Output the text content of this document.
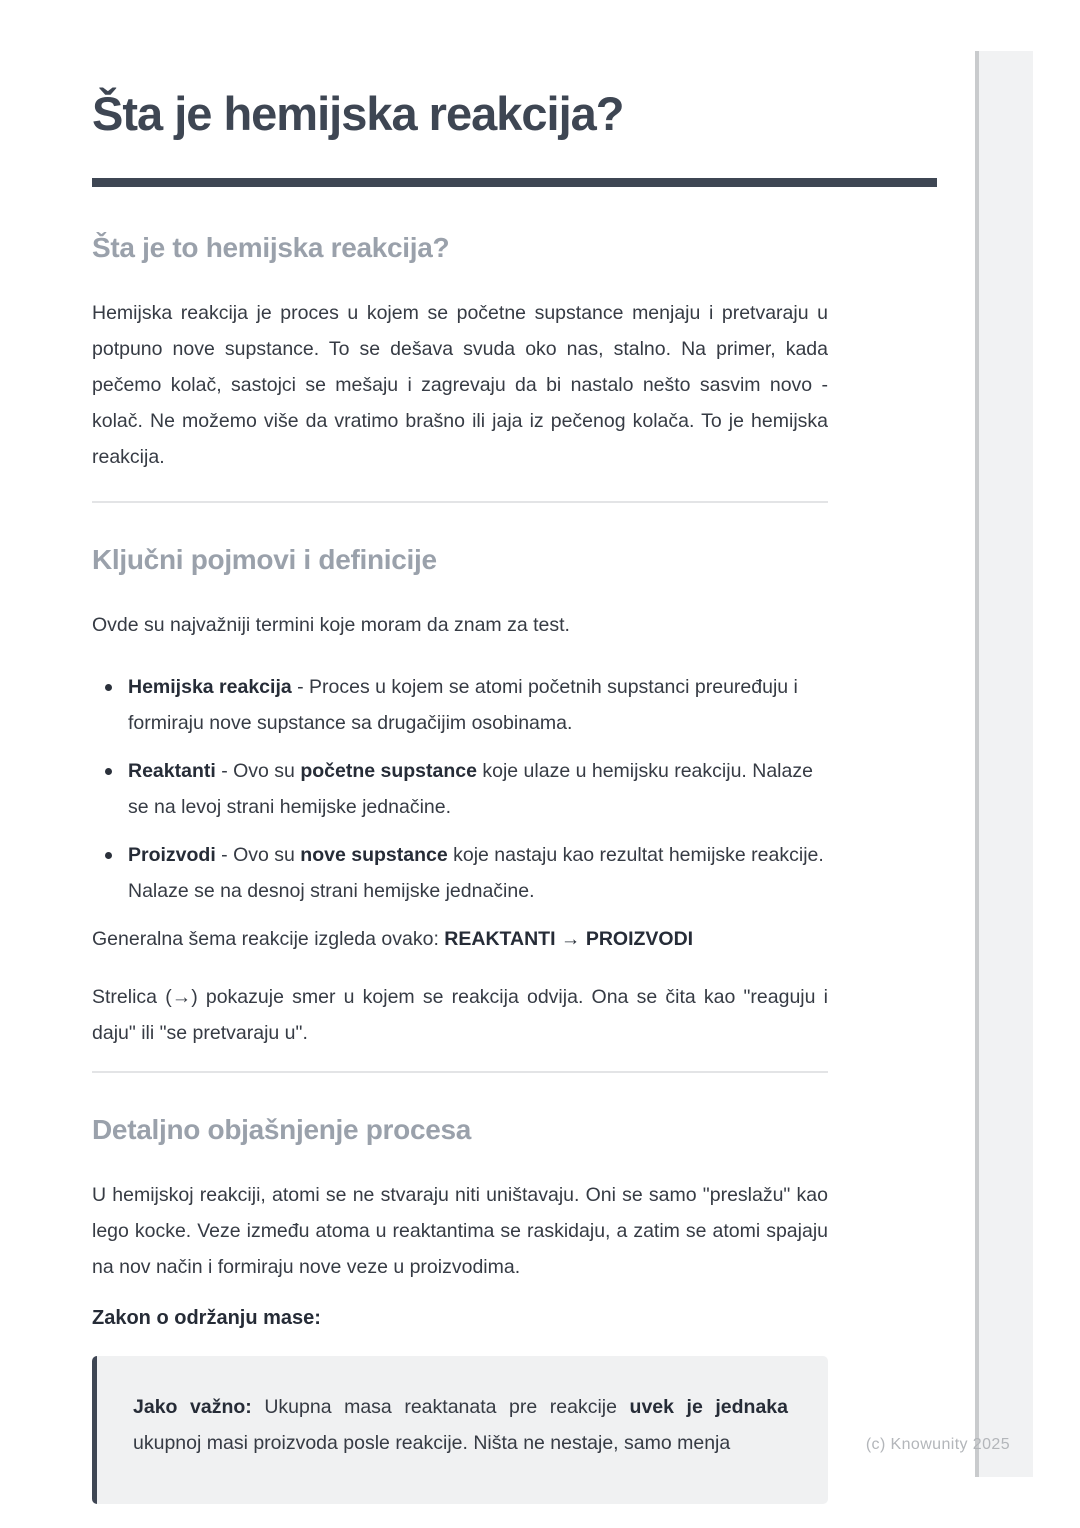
Šta je hemijska reakcija?
Šta je to hemijska reakcija?

Hemijska reakcija je proces u kojem se početne supstance menjaju i pretvaraju u potpuno nove supstance. To se dešava svuda oko nas, stalno. Na primer, kada pečemo kolač, sastojci se mešaju i zagrevaju da bi nastalo nešto sasvim novo - kolač. Ne možemo više da vratimo brašno ili jaja iz pečenog kolača. To je hemijska reakcija.

Ključni pojmovi i definicije

Ovde su najvažniji termini koje moram da znam za test.

Hemijska reakcija - Proces u kojem se atomi početnih supstanci preuređuju i formiraju nove supstance sa drugačijim osobinama.
Reaktanti - Ovo su početne supstance koje ulaze u hemijsku reakciju. Nalaze se na levoj strani hemijske jednačine.
Proizvodi - Ovo su nove supstance koje nastaju kao rezultat hemijske reakcije. Nalaze se na desnoj strani hemijske jednačine.

Generalna šema reakcije izgleda ovako: REAKTANTI → PROIZVODI

Strelica (→) pokazuje smer u kojem se reakcija odvija. Ona se čita kao "reaguju i daju" ili "se pretvaraju u".

Detaljno objašnjenje procesa

U hemijskoj reakciji, atomi se ne stvaraju niti uništavaju. Oni se samo "preslažu" kao lego kocke. Veze između atoma u reaktantima se raskidaju, a zatim se atomi spajaju na nov način i formiraju nove veze u proizvodima.

Zakon o održanju mase:

Jako važno: Ukupna masa reaktanata pre reakcije uvek je jednaka ukupnoj masi proizvoda posle reakcije. Ništa ne nestaje, samo menja	(c) Knowunity 2025
